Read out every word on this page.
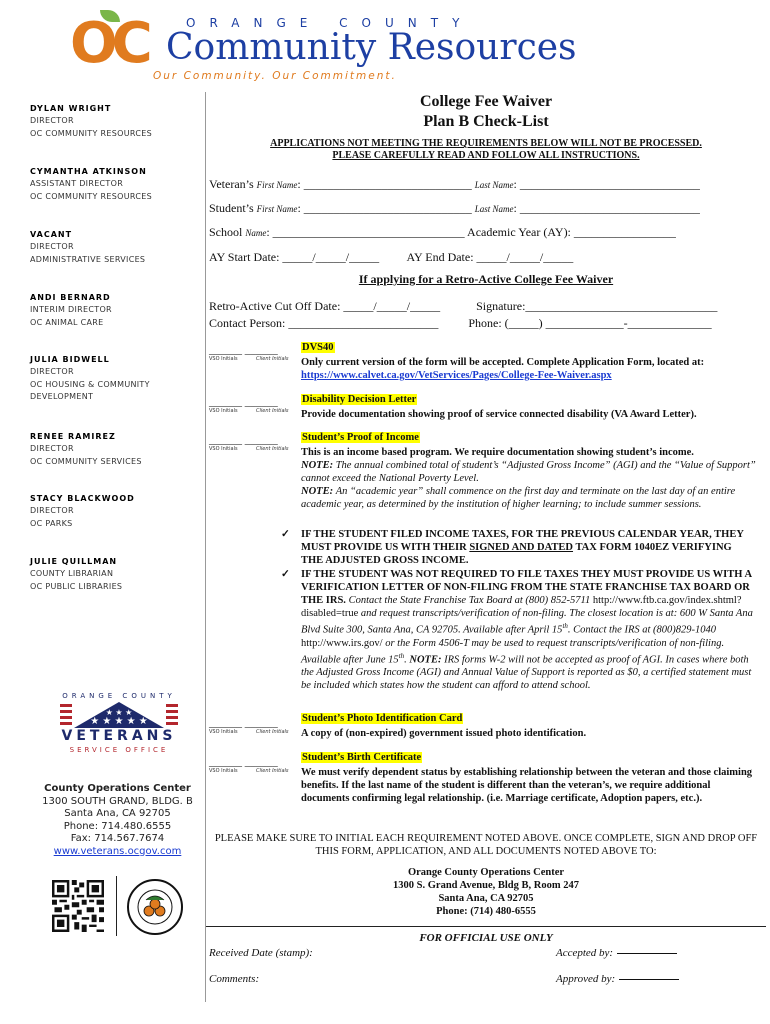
OC	ORANGE COUNTY
Community Resources
Our Community. Our Commitment.
DYLAN WRIGHT
DIRECTOR
OC COMMUNITY RESOURCES
CYMANTHA ATKINSON
ASSISTANT DIRECTOR
OC COMMUNITY RESOURCES
VACANT
DIRECTOR
ADMINISTRATIVE SERVICES
ANDI BERNARD
INTERIM DIRECTOR
OC ANIMAL CARE
JULIA BIDWELL
DIRECTOR
OC HOUSING & COMMUNITY
DEVELOPMENT
RENEE RAMIREZ
DIRECTOR
OC COMMUNITY SERVICES
STACY BLACKWOOD
DIRECTOR
OC PARKS
JULIE QUILLMAN
COUNTY LIBRARIAN
OC PUBLIC LIBRARIES
ORANGE COUNTY
★ ★ ★ ★ ★
★ ★ ★
VETERANS
SERVICE OFFICE
County Operations Center
1300 SOUTH GRAND, BLDG. B
Santa Ana, CA 92705
Phone: 714.480.6555
Fax: 714.567.7674
www.veterans.ocgov.com
College Fee Waiver
Plan B Check-List
APPLICATIONS NOT MEETING THE REQUIREMENTS BELOW WILL NOT BE PROCESSED.
PLEASE CAREFULLY READ AND FOLLOW ALL INSTRUCTIONS.
Veteran’s First Name: ____________________________ Last Name: ______________________________
Student’s First Name: ____________________________ Last Name: ______________________________
School Name: ________________________________ Academic Year (AY): _________________
AY Start Date: _____/_____/_____ AY End Date: _____/_____/_____
If applying for a Retro-Active College Fee Waiver
Retro-Active Cut Off Date: _____/_____/_____	Signature:________________________________
Contact Person: _________________________	Phone: (_____) _____________-______________
______ ______
VSO Initials	Client Initials
DVS40
Only current version of the form will be accepted. Complete Application Form, located at:
https://www.calvet.ca.gov/VetServices/Pages/College-Fee-Waiver.aspx
______ ______
VSO Initials	Client Initials
Disability Decision Letter
Provide documentation showing proof of service connected disability (VA Award Letter).
______ ______
VSO Initials	Client Initials
Student’s Proof of Income
This is an income based program. We require documentation showing student’s income.
NOTE: The annual combined total of student’s “Adjusted Gross Income” (AGI) and the “Value of Support” cannot exceed the National Poverty Level.
NOTE: An “academic year” shall commence on the first day and terminate on the last day of an entire academic year, as determined by the institution of higher learning; to include summer sessions.
✓ IF THE STUDENT FILED INCOME TAXES, FOR THE PREVIOUS CALENDAR YEAR, THEY MUST PROVIDE US WITH THEIR SIGNED AND DATED TAX FORM 1040EZ VERIFYING THE ADJUSTED GROSS INCOME.
✓ IF THE STUDENT WAS NOT REQUIRED TO FILE TAXES THEY MUST PROVIDE US WITH A VERIFICATION LETTER OF NON-FILING FROM THE STATE FRANCHISE TAX BOARD OR THE IRS. Contact the State Franchise Tax Board at (800) 852-5711 http://www.ftb.ca.gov/index.shtml?disabled=true and request transcripts/verification of non-filing. The closest location is at: 600 W Santa Ana Blvd Suite 300, Santa Ana, CA 92705. Available after April 15th. Contact the IRS at (800)829-1040 http://www.irs.gov/ or the Form 4506-T may be used to request transcripts/verification of non-filing. Available after June 15th. NOTE: IRS forms W-2 will not be accepted as proof of AGI. In cases where both the Adjusted Gross Income (AGI) and Annual Value of Support is reported as $0, a certified statement must be included which states how the student can afford to attend school.
______ ______
VSO Initials	Client Initials
Student’s Photo Identification Card
A copy of (non-expired) government issued photo identification.
______ ______
VSO Initials	Client Initials
Student’s Birth Certificate
We must verify dependent status by establishing relationship between the veteran and those claiming benefits. If the last name of the student is different than the veteran’s, we require additional documents confirming legal relationship. (i.e. Marriage certificate, Adoption papers, etc.).
PLEASE MAKE SURE TO INITIAL EACH REQUIREMENT NOTED ABOVE. ONCE COMPLETE, SIGN AND DROP OFF THIS FORM, APPLICATION, AND ALL DOCUMENTS NOTED ABOVE TO:
Orange County Operations Center
1300 S. Grand Avenue, Bldg B, Room 247
Santa Ana, CA 92705
Phone: (714) 480-6555
FOR OFFICIAL USE ONLY
Received Date (stamp):	Accepted by:
Comments:	Approved by:
